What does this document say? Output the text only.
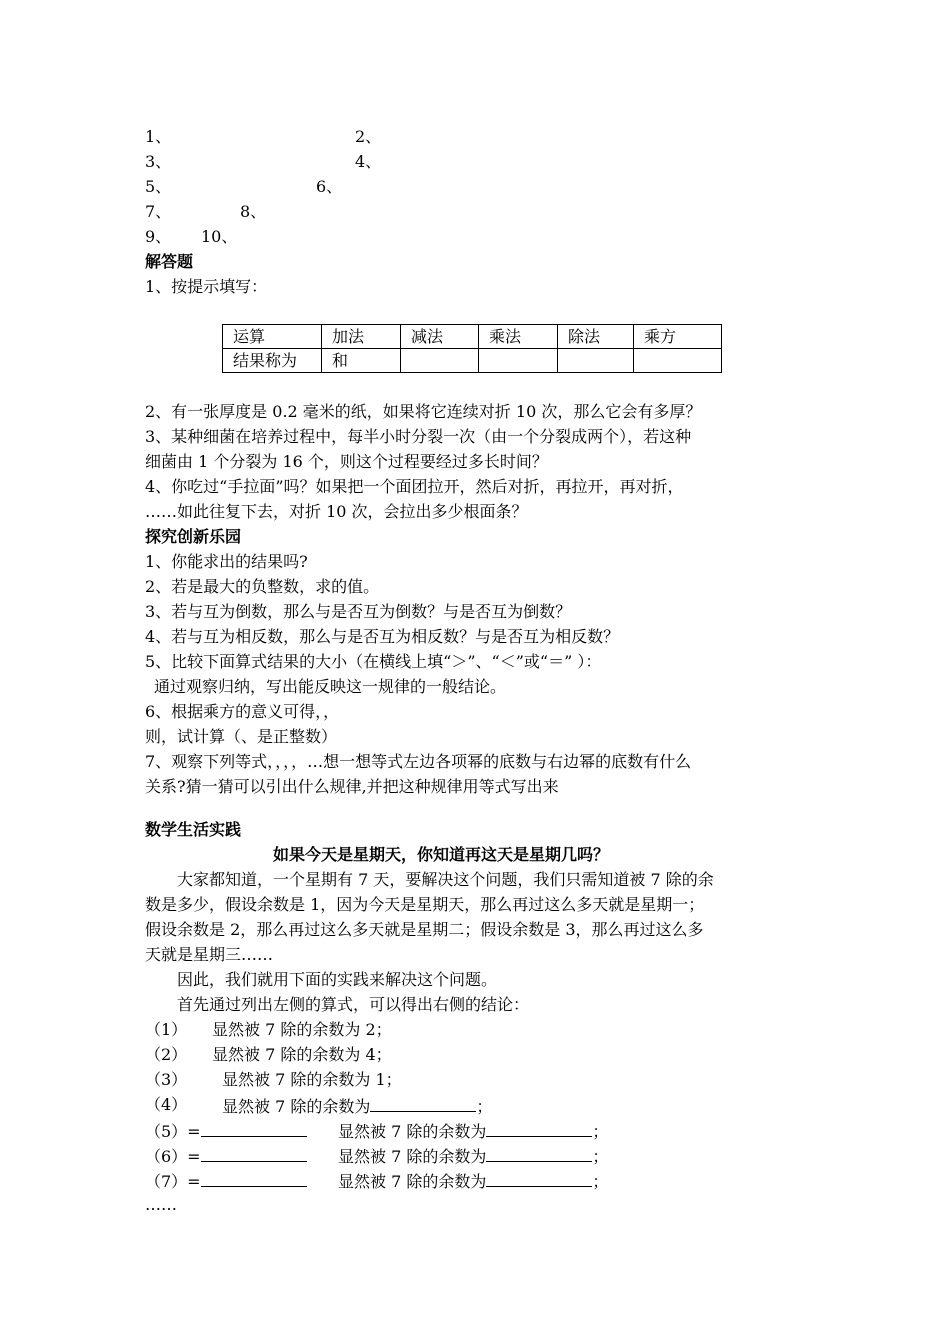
1、	2、
3、	4、
5、	6、
7、	8、
9、 10、
解答题
1、按提示填写：
运算	加法	减法	乘法	除法	乘方
结果称为	和				
2、有一张厚度是 0.2 毫米的纸，如果将它连续对折 10 次，那么它会有多厚？
3、某种细菌在培养过程中，每半小时分裂一次（由一个分裂成两个），若这种
细菌由 1 个分裂为 16 个，则这个过程要经过多长时间？
4、你吃过“手拉面”吗？如果把一个面团拉开，然后对折，再拉开，再对折，
……如此往复下去，对折 10 次，会拉出多少根面条？
探究创新乐园
1、你能求出的结果吗?
2、若是最大的负整数，求的值。
3、若与互为倒数，那么与是否互为倒数？与是否互为倒数？
4、若与互为相反数，那么与是否互为相反数？与是否互为相反数？
5、比较下面算式结果的大小（在横线上填“＞”、“＜”或“＝” ）：
通过观察归纳，写出能反映这一规律的一般结论。
6、根据乘方的意义可得，，
则，试计算（、是正整数）
7、观察下列等式，，，，…想一想等式左边各项幂的底数与右边幂的底数有什么
关系?猜一猜可以引出什么规律,并把这种规律用等式写出来
数学生活实践
如果今天是星期天，你知道再这天是星期几吗？
大家都知道，一个星期有 7 天，要解决这个问题，我们只需知道被 7 除的余
数是多少，假设余数是 1，因为今天是星期天，那么再过这么多天就是星期一；
假设余数是 2，那么再过这么多天就是星期二；假设余数是 3，那么再过这么多
天就是星期三……
因此，我们就用下面的实践来解决这个问题。
首先通过列出左侧的算式，可以得出右侧的结论：
（1） 显然被 7 除的余数为 2；
（2） 显然被 7 除的余数为 4；
（3） 显然被 7 除的余数为 1；
（4） 显然被 7 除的余数为	；
（5）=	显然被 7 除的余数为	；
（6）=	显然被 7 除的余数为	；
（7）=	显然被 7 除的余数为	；
……
